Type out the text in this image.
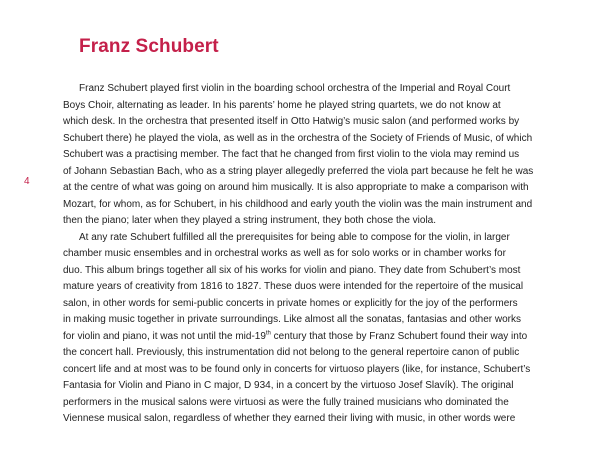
Franz Schubert
4
Franz Schubert played first violin in the boarding school orchestra of the Imperial and Royal Court
Boys Choir, alternating as leader. In his parents’ home he played string quartets, we do not know at
which desk. In the orchestra that presented itself in Otto Hatwig’s music salon (and performed works by
Schubert there) he played the viola, as well as in the orchestra of the Society of Friends of Music, of which
Schubert was a practising member. The fact that he changed from first violin to the viola may remind us
of Johann Sebastian Bach, who as a string player allegedly preferred the viola part because he felt he was
at the centre of what was going on around him musically. It is also appropriate to make a comparison with
Mozart, for whom, as for Schubert, in his childhood and early youth the violin was the main instrument and
then the piano; later when they played a string instrument, they both chose the viola.
At any rate Schubert fulfilled all the prerequisites for being able to compose for the violin, in larger
chamber music ensembles and in orchestral works as well as for solo works or in chamber works for
duo. This album brings together all six of his works for violin and piano. They date from Schubert’s most
mature years of creativity from 1816 to 1827. These duos were intended for the repertoire of the musical
salon, in other words for semi-public concerts in private homes or explicitly for the joy of the performers
in making music together in private surroundings. Like almost all the sonatas, fantasias and other works
for violin and piano, it was not until the mid-19th century that those by Franz Schubert found their way into
the concert hall. Previously, this instrumentation did not belong to the general repertoire canon of public
concert life and at most was to be found only in concerts for virtuoso players (like, for instance, Schubert’s
Fantasia for Violin and Piano in C major, D 934, in a concert by the virtuoso Josef Slavík). The original
performers in the musical salons were virtuosi as were the fully trained musicians who dominated the
Viennese musical salon, regardless of whether they earned their living with music, in other words were
